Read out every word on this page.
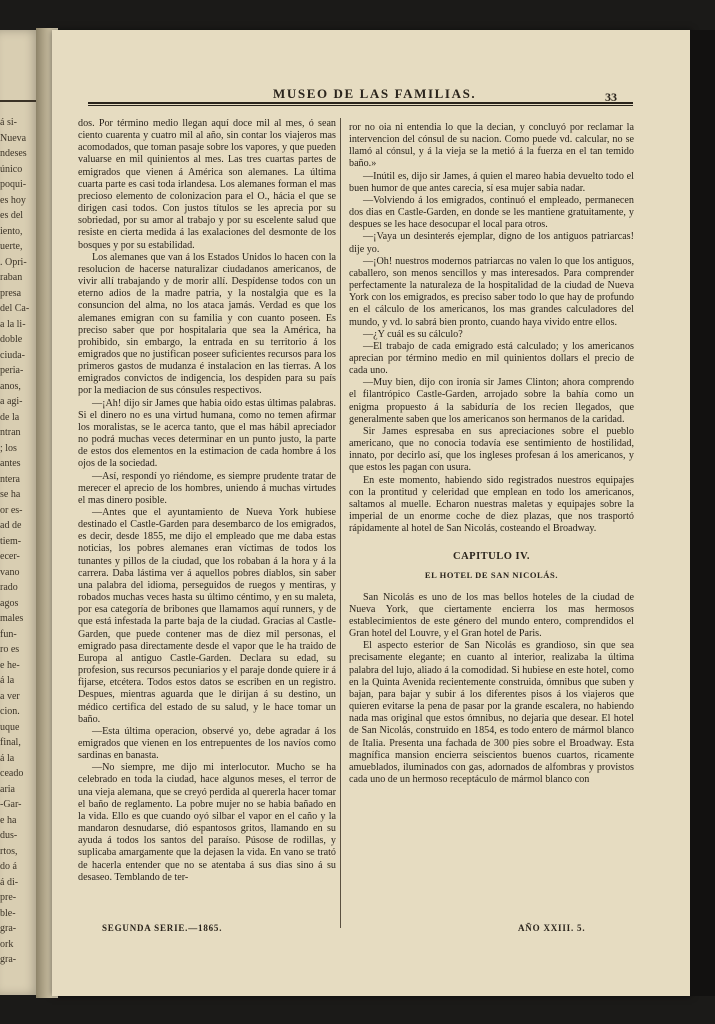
á si-
Nueva
ndeses
único
poqui-
es hoy
es del
iento,
uerte,
. Opri-
raban
presa
del Ca-
a la li-
doble
ciuda-
peria-
anos,
a agi-
de la
ntran
; los
antes
ntera
se ha
or es-
ad de
tiem-
ecer-
vano
rado
agos
males
fun-
ro es
e he-
á la
a ver
cion.
uque
final,
á la
ceado
aria
-Gar-
e ha
dus-
rtos,
do á
á di-
pre-
ble-
gra-
ork
gra-
MUSEO DE LAS FAMILIAS.	33

dos. Por término medio llegan aquí doce mil al mes, ó sean ciento cuarenta y cuatro mil al año, sin contar los viajeros mas acomodados, que toman pasaje sobre los vapores, y que pueden valuarse en mil quinientos al mes. Las tres cuartas partes de emigrados que vienen á América son alemanes. La última cuarta parte es casi toda irlandesa. Los alemanes forman el mas precioso elemento de colonizacion para el O., hácia el que se dirigen casi todos. Con justos títulos se les aprecia por su sobriedad, por su amor al trabajo y por su escelente salud que resiste en cierta medida á las exalaciones del desmonte de los bosques y por su estabilidad.

Los alemanes que van á los Estados Unidos lo hacen con la resolucion de hacerse naturalizar ciudadanos americanos, de vivir allí trabajando y de morir allí. Despídense todos con un eterno adios de la madre patria, y la nostalgia que es la consuncion del alma, no los ataca jamás. Verdad es que los alemanes emigran con su familia y con cuanto poseen. Es preciso saber que por hospitalaria que sea la América, ha prohibido, sin embargo, la entrada en su territorio á los emigrados que no justifican poseer suficientes recursos para los primeros gastos de mudanza é instalacion en las tierras. A los emigrados convictos de indigencia, los despiden para su país por la mediacion de sus cónsules respectivos.

—¡Ah! dijo sir James que habia oido estas últimas palabras. Si el dinero no es una virtud humana, como no temen afirmar los moralistas, se le acerca tanto, que el mas hábil apreciador no podrá muchas veces determinar en un punto justo, la parte de estos dos elementos en la estimacion de cada hombre á los ojos de la sociedad.

—Así, respondí yo riéndome, es siempre prudente tratar de merecer el aprecio de los hombres, uniendo á muchas virtudes el mas dinero posible.

—Antes que el ayuntamiento de Nueva York hubiese destinado el Castle-Garden para desembarco de los emigrados, es decir, desde 1855, me dijo el empleado que me daba estas noticias, los pobres alemanes eran víctimas de todos los tunantes y pillos de la ciudad, que los robaban á la hora y á la carrera. Daba lástima ver á aquellos pobres diablos, sin saber una palabra del idioma, perseguidos de ruegos y mentiras, y robados muchas veces hasta su último céntimo, y en su maleta, por esa categoría de bribones que llamamos aquí runners, y de que está infestada la parte baja de la ciudad. Gracias al Castle-Garden, que puede contener mas de diez mil personas, el emigrado pasa directamente desde el vapor que le ha traido de Europa al antiguo Castle-Garden. Declara su edad, su profesion, sus recursos pecuniarios y el paraje donde quiere ir á fijarse, etcétera. Todos estos datos se escriben en un registro. Despues, mientras aguarda que le dirijan á su destino, un médico certifica del estado de su salud, y le hace tomar un baño.

—Esta última operacion, observé yo, debe agradar á los emigrados que vienen en los entrepuentes de los navíos como sardinas en banasta.

—No siempre, me dijo mi interlocutor. Mucho se ha celebrado en toda la ciudad, hace algunos meses, el terror de una vieja alemana, que se creyó perdida al quererla hacer tomar el baño de reglamento. La pobre mujer no se habia bañado en la vida. Ello es que cuando oyó silbar el vapor en el caño y la mandaron desnudarse, dió espantosos gritos, llamando en su ayuda á todos los santos del paraíso. Púsose de rodillas, y suplicaba amargamente que la dejasen la vida. En vano se trató de hacerla entender que no se atentaba á sus dias sino á su desaseo. Temblando de ter-

ror no oia ni entendia lo que la decian, y concluyó por reclamar la intervencion del cónsul de su nacion. Como puede vd. calcular, no se llamó al cónsul, y á la vieja se la metió á la fuerza en el tan temido baño.»

—Inútil es, dijo sir James, á quien el mareo habia devuelto todo el buen humor de que antes carecia, sí esa mujer sabia nadar.

—Volviendo á los emigrados, continuó el empleado, permanecen dos dias en Castle-Garden, en donde se les mantiene gratuitamente, y despues se les hace desocupar el local para otros.

—¡Vaya un desinterés ejemplar, digno de los antiguos patriarcas! dije yo.

—¡Oh! nuestros modernos patriarcas no valen lo que los antiguos, caballero, son menos sencillos y mas interesados. Para comprender perfectamente la naturaleza de la hospitalidad de la ciudad de Nueva York con los emigrados, es preciso saber todo lo que hay de profundo en el cálculo de los americanos, los mas grandes calculadores del mundo, y vd. lo sabrá bien pronto, cuando haya vivido entre ellos.

—¿Y cuál es su cálculo?

—El trabajo de cada emigrado está calculado; y los americanos aprecian por término medio en mil quinientos dollars el precio de cada uno.

—Muy bien, dijo con ironía sir James Clinton; ahora comprendo el filantrópico Castle-Garden, arrojado sobre la bahía como un enigma propuesto á la sabiduría de los recien llegados, que generalmente saben que los americanos son hermanos de la caridad.

Sir James espresaba en sus apreciaciones sobre el pueblo americano, que no conocia todavía ese sentimiento de hostilidad, innato, por decirlo así, que los ingleses profesan á los americanos, y que estos les pagan con usura.

En este momento, habiendo sido registrados nuestros equipajes con la prontitud y celeridad que emplean en todo los americanos, saltamos al muelle. Echaron nuestras maletas y equipajes sobre la imperial de un enorme coche de diez plazas, que nos trasportó rápidamente al hotel de San Nicolás, costeando el Broadway.

CAPITULO IV.
EL HOTEL DE SAN NICOLÁS.

San Nicolás es uno de los mas bellos hoteles de la ciudad de Nueva York, que ciertamente encierra los mas hermosos establecimientos de este género del mundo entero, comprendidos el Gran hotel del Louvre, y el Gran hotel de Paris.

El aspecto esterior de San Nicolás es grandioso, sin que sea precisamente elegante; en cuanto al interior, realizaba la última palabra del lujo, aliado á la comodidad. Si hubiese en este hotel, como en la Quinta Avenida recientemente construida, ómnibus que suben y bajan, para bajar y subir á los diferentes pisos á los viajeros que quieren evitarse la pena de pasar por la grande escalera, no habiendo nada mas original que estos ómnibus, no dejaria que desear. El hotel de San Nicolás, construido en 1854, es todo entero de mármol blanco de Italia. Presenta una fachada de 300 pies sobre el Broadway. Esta magnífica mansion encierra seiscientos buenos cuartos, ricamente amueblados, iluminados con gas, adornados de alfombras y provistos cada uno de un hermoso receptáculo de mármol blanco con

SEGUNDA SERIE.—1865.	AÑO XXIII. 5.
